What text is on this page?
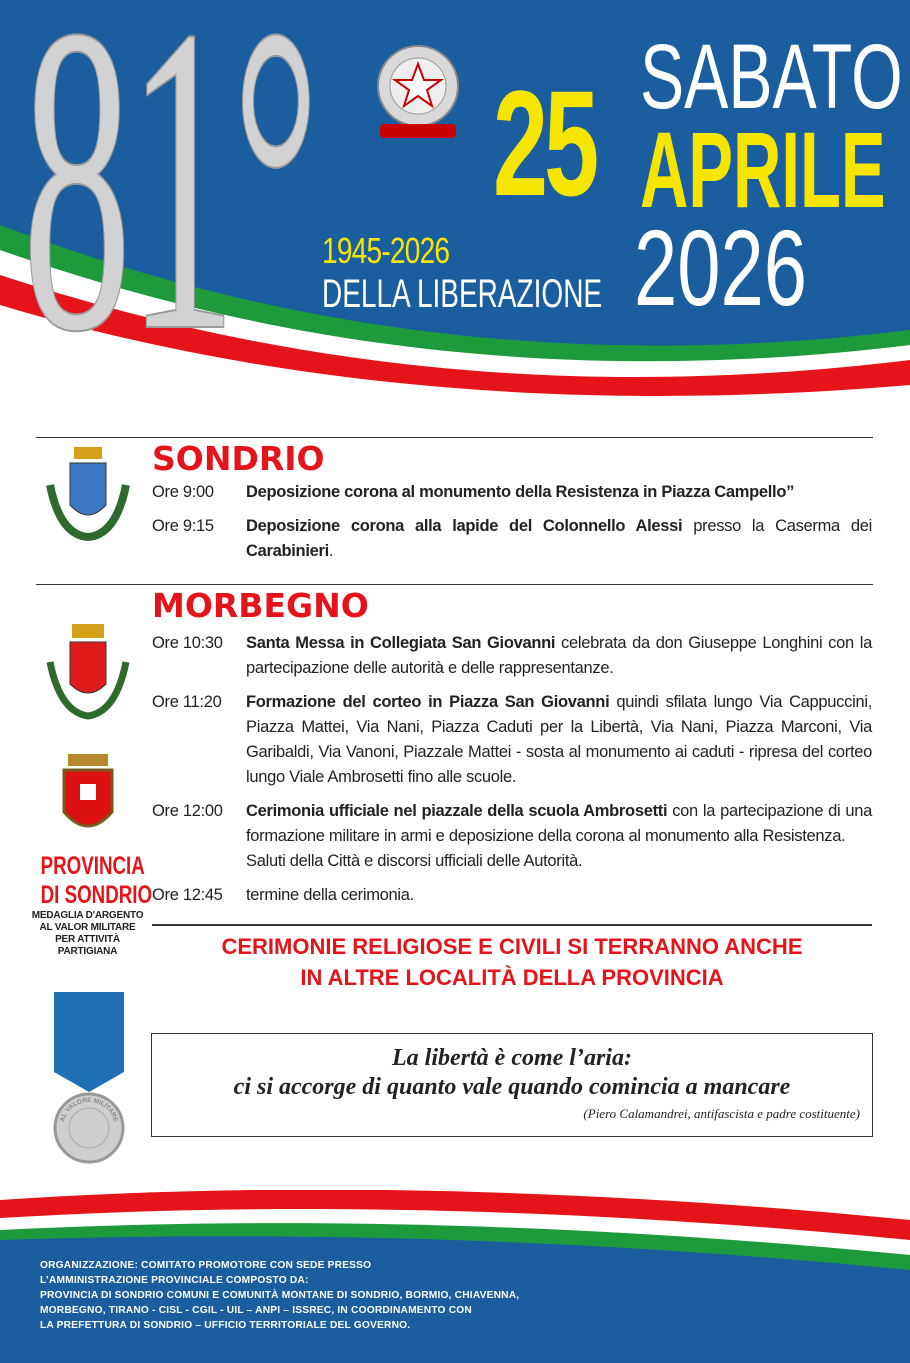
81° 1945-2026
DELLA LIBERAZIONE
25 SABATO
APRILE
2026
PROVINCIA
DI SONDRIO
MEDAGLIA D'ARGENTO
AL VALOR MILITARE
PER ATTIVITÀ
PARTIGIANA
AL VALORE MILITARE
SONDRIO
Ore 9:00	Deposizione corona al monumento della Resistenza in Piazza Campello”
Ore 9:15	Deposizione corona alla lapide del Colonnello Alessi presso la Caserma dei Carabinieri.
MORBEGNO
Ore 10:30	Santa Messa in Collegiata San Giovanni celebrata da don Giuseppe Longhini con la partecipazione delle autorità e delle rappresentanze.
Ore 11:20	Formazione del corteo in Piazza San Giovanni quindi sfilata lungo Via Cappuccini, Piazza Mattei, Via Nani, Piazza Caduti per la Libertà, Via Nani, Piazza Marconi, Via Garibaldi, Via Vanoni, Piazzale Mattei - sosta al monumento ai caduti - ripresa del corteo lungo Viale Ambrosetti fino alle scuole.
Ore 12:00	Cerimonia ufficiale nel piazzale della scuola Ambrosetti con la partecipazione di una formazione militare in armi e deposizione della corona al monumento alla Resistenza.
Saluti della Città e discorsi ufficiali delle Autorità.
Ore 12:45	termine della cerimonia.
CERIMONIE RELIGIOSE E CIVILI SI TERRANNO ANCHE
IN ALTRE LOCALITÀ DELLA PROVINCIA
La libertà è come l’aria:
ci si accorge di quanto vale quando comincia a mancare
(Piero Calamandrei, antifascista e padre costituente)
ORGANIZZAZIONE: COMITATO PROMOTORE CON SEDE PRESSO
L’AMMINISTRAZIONE PROVINCIALE COMPOSTO DA:
PROVINCIA DI SONDRIO COMUNI E COMUNITÀ MONTANE DI SONDRIO, BORMIO, CHIAVENNA,
MORBEGNO, TIRANO - CISL - CGIL - UIL – ANPI – ISSREC, IN COORDINAMENTO CON
LA PREFETTURA DI SONDRIO – UFFICIO TERRITORIALE DEL GOVERNO.
